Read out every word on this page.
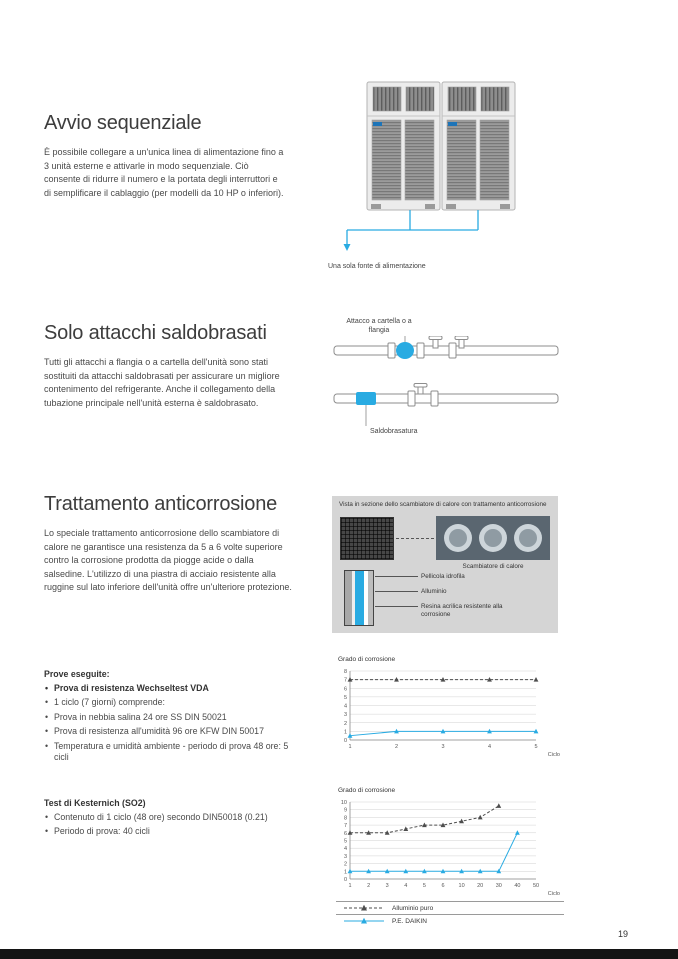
Avvio sequenziale

È possibile collegare a un'unica linea di alimentazione fino a 3 unità esterne e attivarle in modo sequenziale. Ciò consente di ridurre il numero e la portata degli interruttori e di semplificare il cablaggio (per modelli da 10 HP o inferiori).

Una sola fonte di alimentazione
Solo attacchi saldobrasati

Tutti gli attacchi a flangia o a cartella dell'unità sono stati sostituiti da attacchi saldobrasati per assicurare un migliore contenimento del refrigerante. Anche il collegamento della tubazione principale nell'unità esterna è saldobrasato.

Attacco a cartella o a flangia
Saldobrasatura
Trattamento anticorrosione

Lo speciale trattamento anticorrosione dello scambiatore di calore ne garantisce una resistenza da 5 a 6 volte superiore contro la corrosione prodotta da piogge acide o dalla salsedine. L'utilizzo di una piastra di acciaio resistente alla ruggine sul lato inferiore dell'unità offre un'ulteriore protezione.

Vista in sezione dello scambiatore di calore con trattamento anticorrosione
Scambiatore di calore
Pellicola idrofila
Alluminio
Resina acrilica resistente alla corrosione
Prove eseguite:
• Prova di resistenza Wechseltest VDA
• 1 ciclo (7 giorni) comprende:
• Prova in nebbia salina 24 ore SS DIN 50021
• Prova di resistenza all'umidità 96 ore KFW DIN 50017
• Temperatura e umidità ambiente - periodo di prova 48 ore: 5 cicli
Grado di corrosione
0
1
2
3
4
5
6
7
8
1	2	3	4	5
Ciclo
Test di Kesternich (SO2)
• Contenuto di 1 ciclo (48 ore) secondo DIN50018 (0.21)
• Periodo di prova: 40 cicli
Grado di corrosione
0
1
2
3
4
5
6
7
8
9
10
1	2	3	4	5	6	10 20 30 40 50
Ciclo
Alluminio puro
P.E. DAIKIN
19
